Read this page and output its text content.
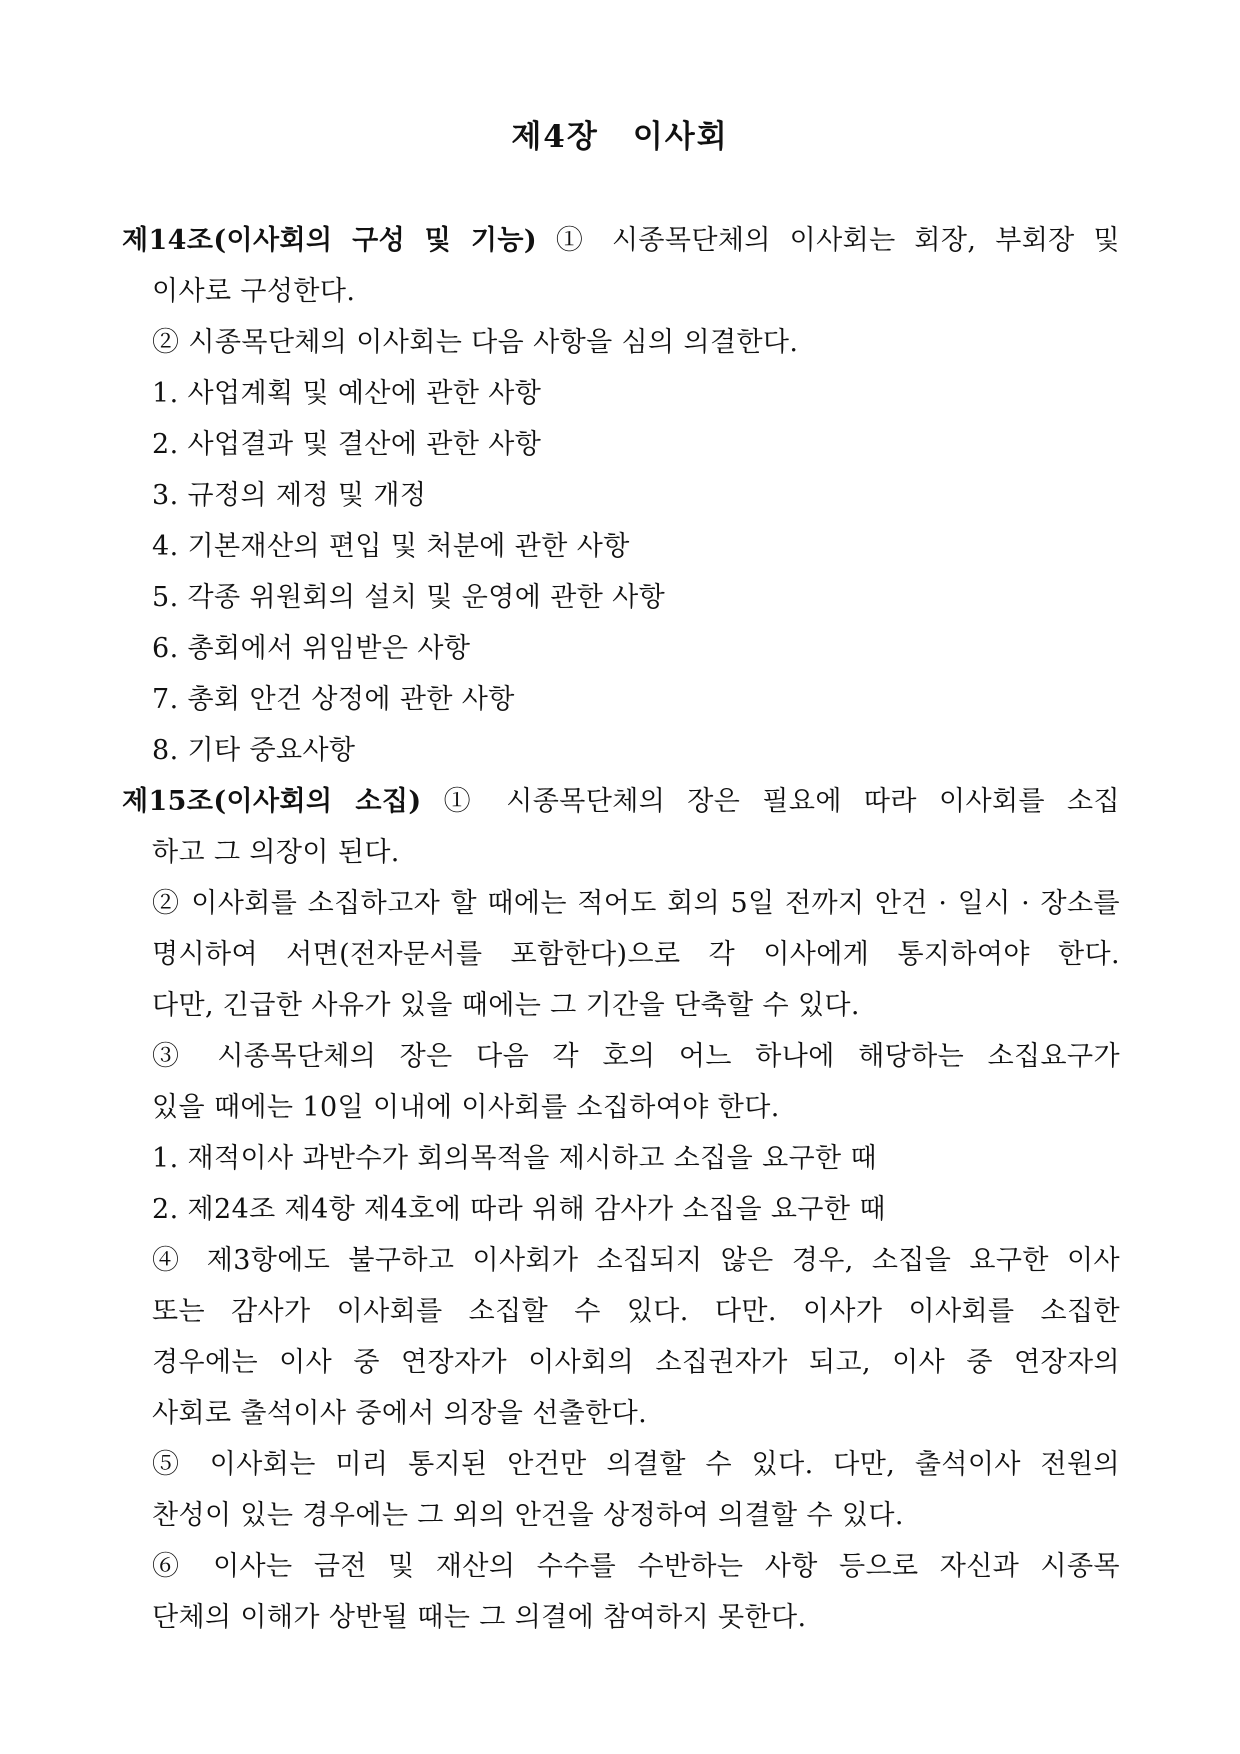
제4장 이사회
제14조(이사회의 구성 및 기능) ① 시종목단체의 이사회는 회장, 부회장 및
이사로 구성한다.
② 시종목단체의 이사회는 다음 사항을 심의 의결한다.
1. 사업계획 및 예산에 관한 사항
2. 사업결과 및 결산에 관한 사항
3. 규정의 제정 및 개정
4. 기본재산의 편입 및 처분에 관한 사항
5. 각종 위원회의 설치 및 운영에 관한 사항
6. 총회에서 위임받은 사항
7. 총회 안건 상정에 관한 사항
8. 기타 중요사항
제15조(이사회의 소집) ① 시종목단체의 장은 필요에 따라 이사회를 소집
하고 그 의장이 된다.
② 이사회를 소집하고자 할 때에는 적어도 회의 5일 전까지 안건 · 일시 · 장소를
명시하여 서면(전자문서를 포함한다)으로 각 이사에게 통지하여야 한다.
다만, 긴급한 사유가 있을 때에는 그 기간을 단축할 수 있다.
③ 시종목단체의 장은 다음 각 호의 어느 하나에 해당하는 소집요구가
있을 때에는 10일 이내에 이사회를 소집하여야 한다.
1. 재적이사 과반수가 회의목적을 제시하고 소집을 요구한 때
2. 제24조 제4항 제4호에 따라 위해 감사가 소집을 요구한 때
④ 제3항에도 불구하고 이사회가 소집되지 않은 경우, 소집을 요구한 이사
또는 감사가 이사회를 소집할 수 있다. 다만. 이사가 이사회를 소집한
경우에는 이사 중 연장자가 이사회의 소집권자가 되고, 이사 중 연장자의
사회로 출석이사 중에서 의장을 선출한다.
⑤ 이사회는 미리 통지된 안건만 의결할 수 있다. 다만, 출석이사 전원의
찬성이 있는 경우에는 그 외의 안건을 상정하여 의결할 수 있다.
⑥ 이사는 금전 및 재산의 수수를 수반하는 사항 등으로 자신과 시종목
단체의 이해가 상반될 때는 그 의결에 참여하지 못한다.
